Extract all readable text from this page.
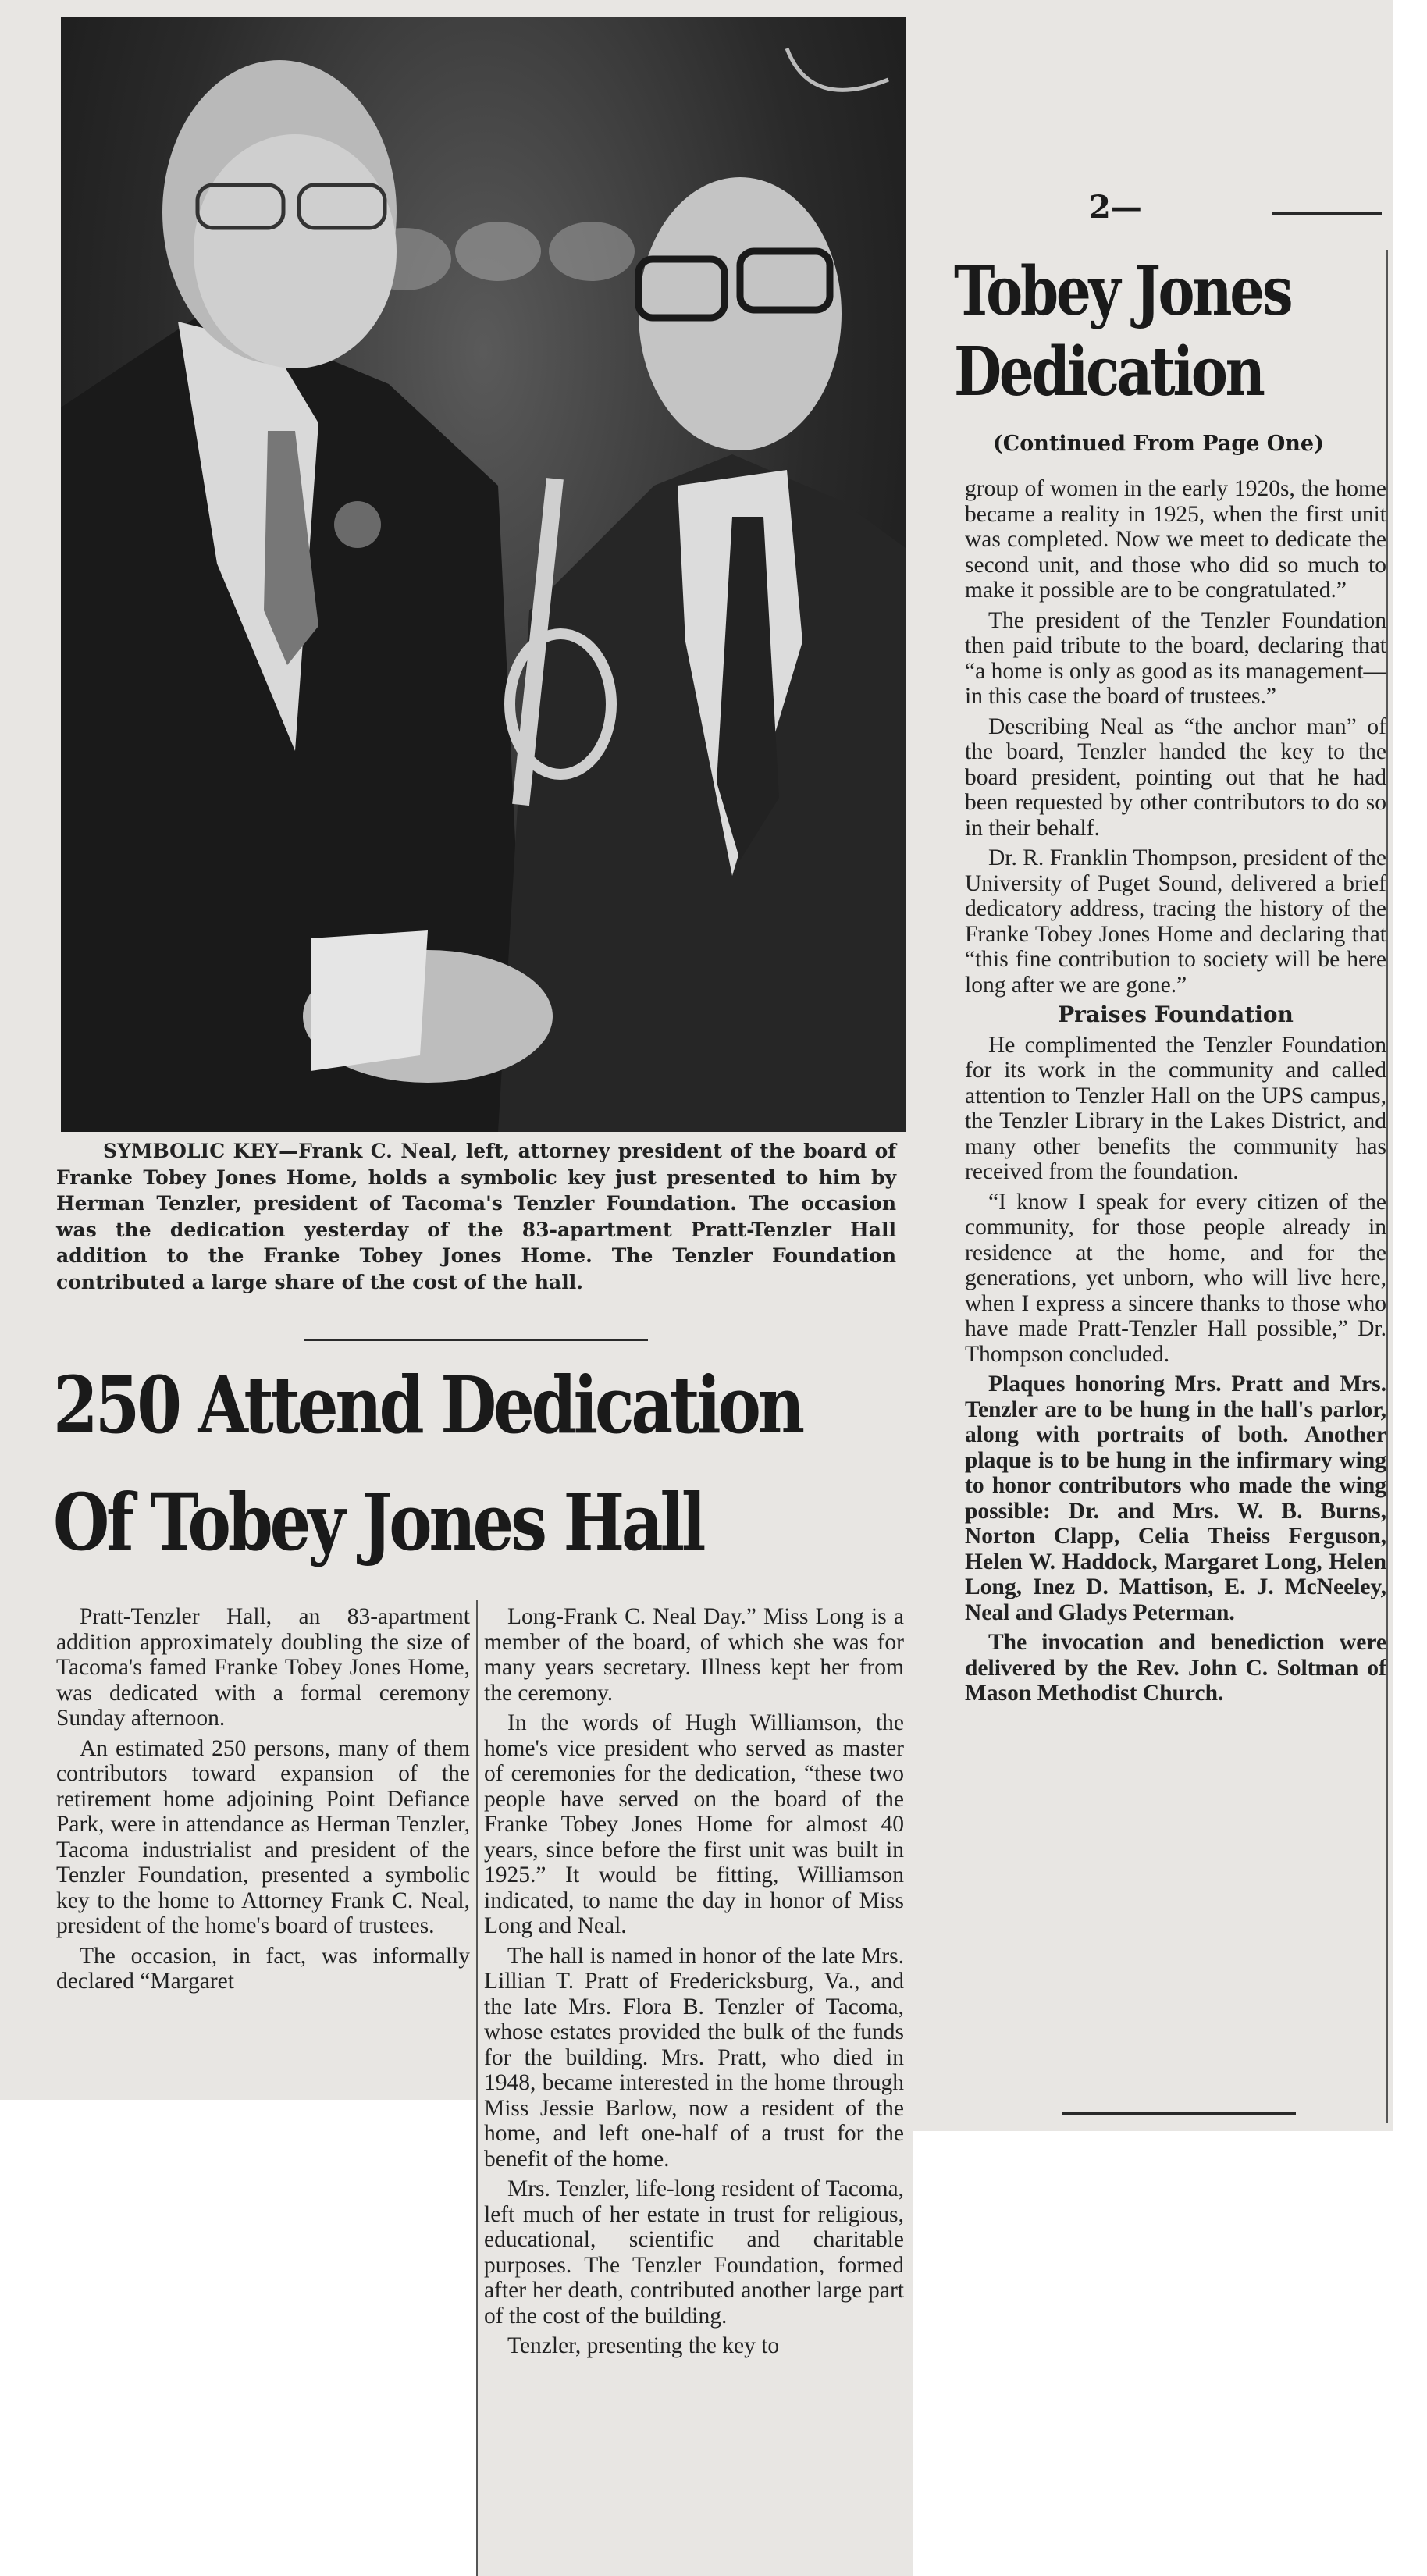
SYMBOLIC KEY—Frank C. Neal, left, attorney president of the board of Franke Tobey Jones Home, holds a symbolic key just presented to him by Herman Tenzler, president of Tacoma's Tenzler Foundation. The occasion was the dedication yesterday of the 83-apartment Pratt-Tenzler Hall addition to the Franke Tobey Jones Home. The Tenzler Foundation contributed a large share of the cost of the hall.
250 Attend Dedication
Of Tobey Jones Hall

Pratt-Tenzler Hall, an 83-apartment addition approximately doubling the size of Tacoma's famed Franke Tobey Jones Home, was dedicated with a formal ceremony Sunday afternoon.

An estimated 250 persons, many of them contributors toward expansion of the retirement home adjoining Point Defiance Park, were in attendance as Herman Tenzler, Tacoma industrialist and president of the Tenzler Foundation, presented a symbolic key to the home to Attorney Frank C. Neal, president of the home's board of trustees.

The occasion, in fact, was informally declared “Margaret

Long-Frank C. Neal Day.” Miss Long is a member of the board, of which she was for many years secretary. Illness kept her from the ceremony.

In the words of Hugh Williamson, the home's vice president who served as master of ceremonies for the dedication, “these two people have served on the board of the Franke Tobey Jones Home for almost 40 years, since before the first unit was built in 1925.” It would be fitting, Williamson indicated, to name the day in honor of Miss Long and Neal.

The hall is named in honor of the late Mrs. Lillian T. Pratt of Fredericksburg, Va., and the late Mrs. Flora B. Tenzler of Tacoma, whose estates provided the bulk of the funds for the building. Mrs. Pratt, who died in 1948, became interested in the home through Miss Jessie Barlow, now a resident of the home, and left one-half of a trust for the benefit of the home.

Mrs. Tenzler, life-long resident of Tacoma, left much of her estate in trust for religious, educational, scientific and charitable purposes. The Tenzler Foundation, formed after her death, contributed another large part of the cost of the building.

Tenzler, presenting the key to

2—
Tobey Jones
Dedication
(Continued From Page One)

group of women in the early 1920s, the home became a reality in 1925, when the first unit was completed. Now we meet to dedicate the second unit, and those who did so much to make it possible are to be congratulated.”

The president of the Tenzler Foundation then paid tribute to the board, declaring that “a home is only as good as its management—in this case the board of trustees.”

Describing Neal as “the anchor man” of the board, Tenzler handed the key to the board president, pointing out that he had been requested by other contributors to do so in their behalf.

Dr. R. Franklin Thompson, president of the University of Puget Sound, delivered a brief dedicatory address, tracing the history of the Franke Tobey Jones Home and declaring that “this fine contribution to society will be here long after we are gone.”

Praises Foundation

He complimented the Tenzler Foundation for its work in the community and called attention to Tenzler Hall on the UPS campus, the Tenzler Library in the Lakes District, and many other benefits the community has received from the foundation.

“I know I speak for every citizen of the community, for those people already in residence at the home, and for the generations, yet unborn, who will live here, when I express a sincere thanks to those who have made Pratt-Tenzler Hall possible,” Dr. Thompson concluded.

Plaques honoring Mrs. Pratt and Mrs. Tenzler are to be hung in the hall's parlor, along with portraits of both. Another plaque is to be hung in the infirmary wing to honor contributors who made the wing possible: Dr. and Mrs. W. B. Burns, Norton Clapp, Celia Theiss Ferguson, Helen W. Haddock, Margaret Long, Helen Long, Inez D. Mattison, E. J. McNeeley, Neal and Gladys Peterman.

The invocation and benediction were delivered by the Rev. John C. Soltman of Mason Methodist Church.
